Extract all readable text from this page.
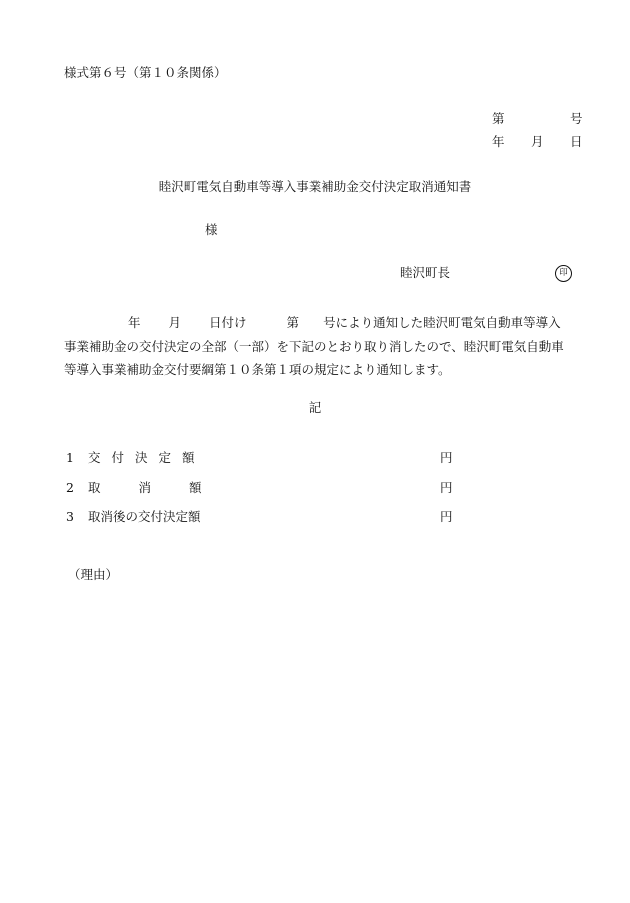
様式第６号（第１０条関係）
第	号
年 月 日
睦沢町電気自動車等導入事業補助金交付決定取消通知書
様
睦沢町長	印
年 月 日付け	第 号により通知した睦沢町電気自動車等導入
事業補助金の交付決定の全部（一部）を下記のとおり取り消したので、睦沢町電気自動車
等導入事業補助金交付要綱第１０条第１項の規定により通知します。
記
1 交付決定額	円
2 取消額	円
3 取消後の交付決定額	円
（理由）
